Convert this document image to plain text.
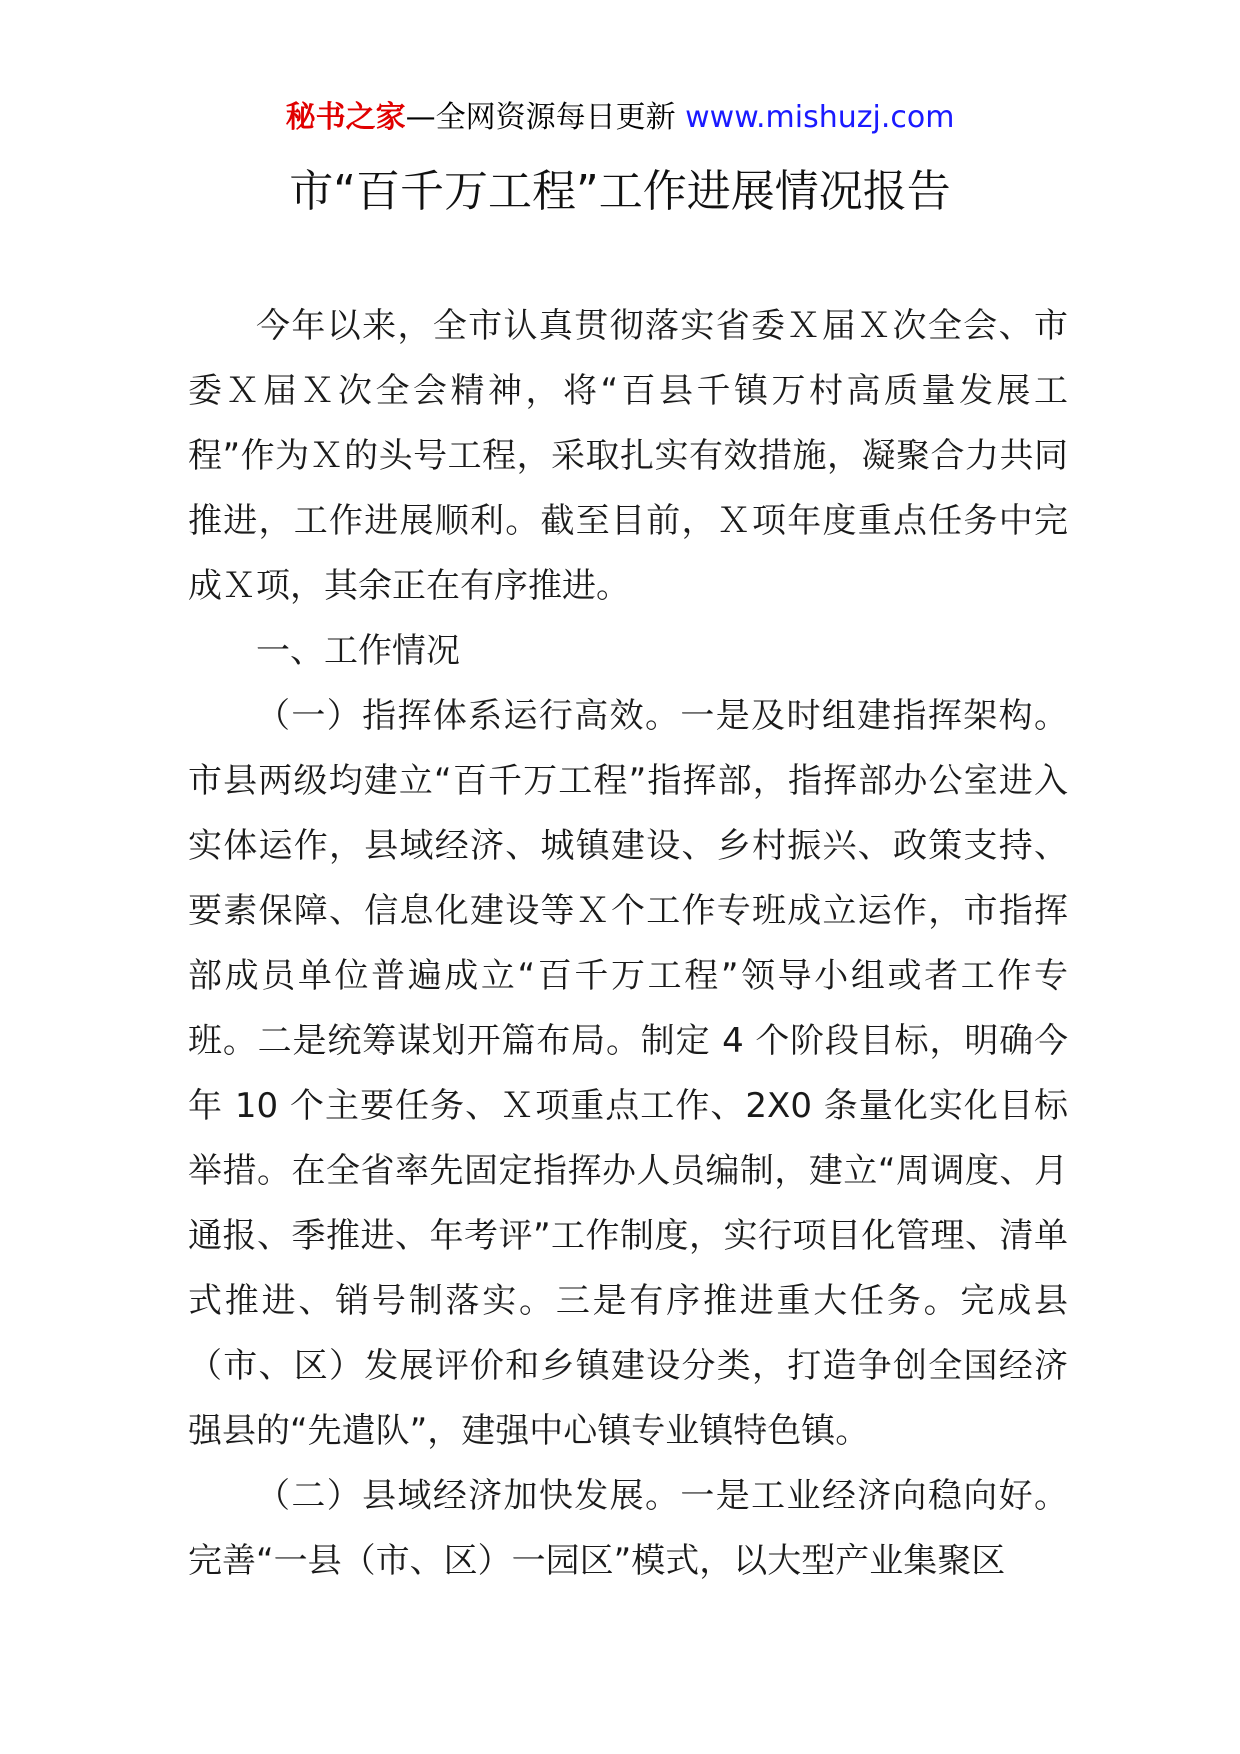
秘书之家—全网资源每日更新 www.mishuzj.com
市“百千万工程”工作进展情况报告

今年以来，全市认真贯彻落实省委Ｘ届Ｘ次全会、市委Ｘ届Ｘ次全会精神，将“百县千镇万村高质量发展工程”作为Ｘ的头号工程，采取扎实有效措施，凝聚合力共同推进，工作进展顺利。截至目前，Ｘ项年度重点任务中完成Ｘ项，其余正在有序推进。

一、工作情况

（一）指挥体系运行高效。一是及时组建指挥架构。市县两级均建立“百千万工程”指挥部，指挥部办公室进入实体运作，县域经济、城镇建设、乡村振兴、政策支持、要素保障、信息化建设等Ｘ个工作专班成立运作，市指挥部成员单位普遍成立“百千万工程”领导小组或者工作专班。二是统筹谋划开篇布局。制定 4 个阶段目标，明确今年 10 个主要任务、Ｘ项重点工作、2X0 条量化实化目标举措。在全省率先固定指挥办人员编制，建立“周调度、月通报、季推进、年考评”工作制度，实行项目化管理、清单式推进、销号制落实。三是有序推进重大任务。完成县（市、区）发展评价和乡镇建设分类，打造争创全国经济强县的“先遣队”，建强中心镇专业镇特色镇。

（二）县域经济加快发展。一是工业经济向稳向好。完善“一县（市、区）一园区”模式，以大型产业集聚区
